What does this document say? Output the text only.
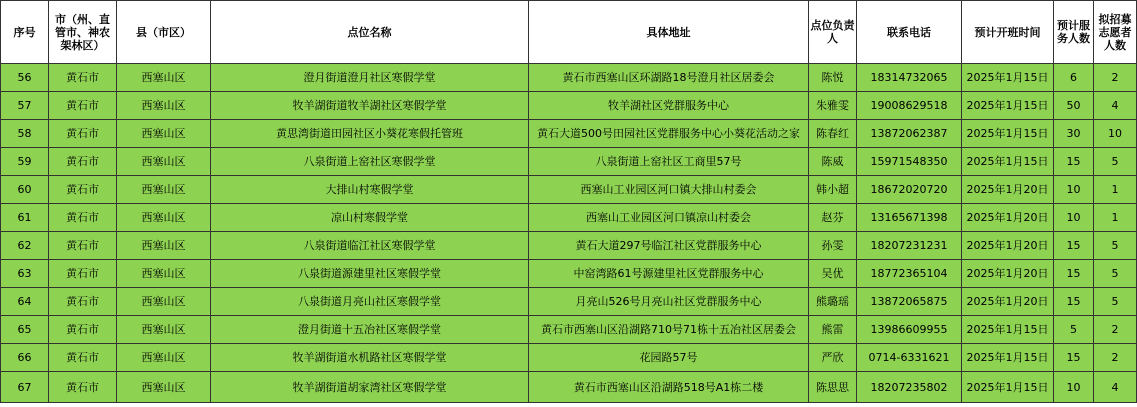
序号	市（州、直管市、神农架林区）	县（市区）	点位名称	具体地址	点位负责人	联系电话	预计开班时间	预计服务人数	拟招募志愿者人数
56	黄石市	西塞山区	澄月街道澄月社区寒假学堂	黄石市西塞山区环湖路18号澄月社区居委会	陈悦	18314732065	2025年1月15日	6	2
57	黄石市	西塞山区	牧羊湖街道牧羊湖社区寒假学堂	牧羊湖社区党群服务中心	朱雅雯	19008629518	2025年1月15日	50	4
58	黄石市	西塞山区	黄思湾街道田园社区小葵花寒假托管班	黄石大道500号田园社区党群服务中心小葵花活动之家	陈春红	13872062387	2025年1月15日	30	10
59	黄石市	西塞山区	八泉街道上窑社区寒假学堂	八泉街道上窑社区工商里57号	陈威	15971548350	2025年1月15日	15	5
60	黄石市	西塞山区	大排山村寒假学堂	西塞山工业园区河口镇大排山村委会	韩小超	18672020720	2025年1月20日	10	1
61	黄石市	西塞山区	凉山村寒假学堂	西塞山工业园区河口镇凉山村委会	赵芬	13165671398	2025年1月20日	10	1
62	黄石市	西塞山区	八泉街道临江社区寒假学堂	黄石大道297号临江社区党群服务中心	孙雯	18207231231	2025年1月20日	15	5
63	黄石市	西塞山区	八泉街道源建里社区寒假学堂	中窑湾路61号源建里社区党群服务中心	吴优	18772365104	2025年1月20日	15	5
64	黄石市	西塞山区	八泉街道月亮山社区寒假学堂	月亮山526号月亮山社区党群服务中心	熊璐瑶	13872065875	2025年1月20日	15	5
65	黄石市	西塞山区	澄月街道十五冶社区寒假学堂	黄石市西塞山区沿湖路710号71栋十五冶社区居委会	熊雷	13986609955	2025年1月15日	5	2
66	黄石市	西塞山区	牧羊湖街道水机路社区寒假学堂	花园路57号	严欣	0714-6331621	2025年1月15日	15	2
67	黄石市	西塞山区	牧羊湖街道胡家湾社区寒假学堂	黄石市西塞山区沿湖路518号A1栋二楼	陈思思	18207235802	2025年1月15日	10	4
